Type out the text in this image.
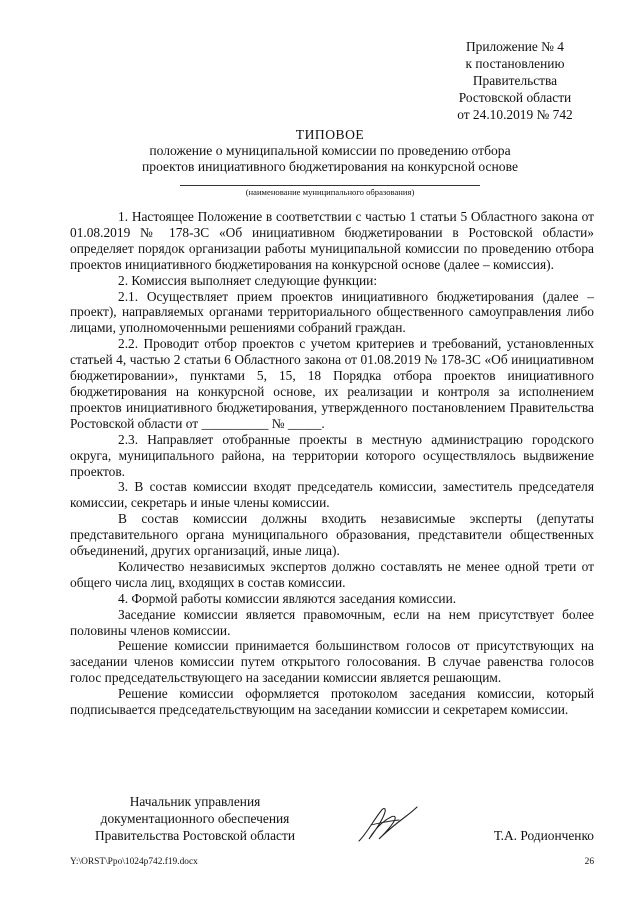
Приложение № 4
к постановлению
Правительства
Ростовской области
от 24.10.2019 № 742
ТИПОВОЕ
положение о муниципальной комиссии по проведению отбора
проектов инициативного бюджетирования на конкурсной основе
(наименование муниципального образования)

1. Настоящее Положение в соответствии с частью 1 статьи 5 Областного закона от 01.08.2019 № 178-ЗС «Об инициативном бюджетировании в Ростовской области» определяет порядок организации работы муниципальной комиссии по проведению отбора проектов инициативного бюджетирования на конкурсной основе (далее – комиссия).

2. Комиссия выполняет следующие функции:

2.1. Осуществляет прием проектов инициативного бюджетирования (далее – проект), направляемых органами территориального общественного самоуправления либо лицами, уполномоченными решениями собраний граждан.

2.2. Проводит отбор проектов с учетом критериев и требований, установленных статьей 4, частью 2 статьи 6 Областного закона от 01.08.2019 № 178-ЗС «Об инициативном бюджетировании», пунктами 5, 15, 18 Порядка отбора проектов инициативного бюджетирования на конкурсной основе, их реализации и контроля за исполнением проектов инициативного бюджетирования, утвержденного постановлением Правительства Ростовской области от __________ № _____.

2.3. Направляет отобранные проекты в местную администрацию городского округа, муниципального района, на территории которого осуществлялось выдвижение проектов.

3. В состав комиссии входят председатель комиссии, заместитель председателя комиссии, секретарь и иные члены комиссии.

В состав комиссии должны входить независимые эксперты (депутаты представительного органа муниципального образования, представители общественных объединений, других организаций, иные лица).

Количество независимых экспертов должно составлять не менее одной трети от общего числа лиц, входящих в состав комиссии.

4. Формой работы комиссии являются заседания комиссии.

Заседание комиссии является правомочным, если на нем присутствует более половины членов комиссии.

Решение комиссии принимается большинством голосов от присутствующих на заседании членов комиссии путем открытого голосования. В случае равенства голосов голос председательствующего на заседании комиссии является решающим.

Решение комиссии оформляется протоколом заседания комиссии, который подписывается председательствующим на заседании комиссии и секретарем комиссии.

Начальник управления
документационного обеспечения
Правительства Ростовской области	Т.А. Родионченко
Y:\ORST\Ppo\1024p742.f19.docx	26
